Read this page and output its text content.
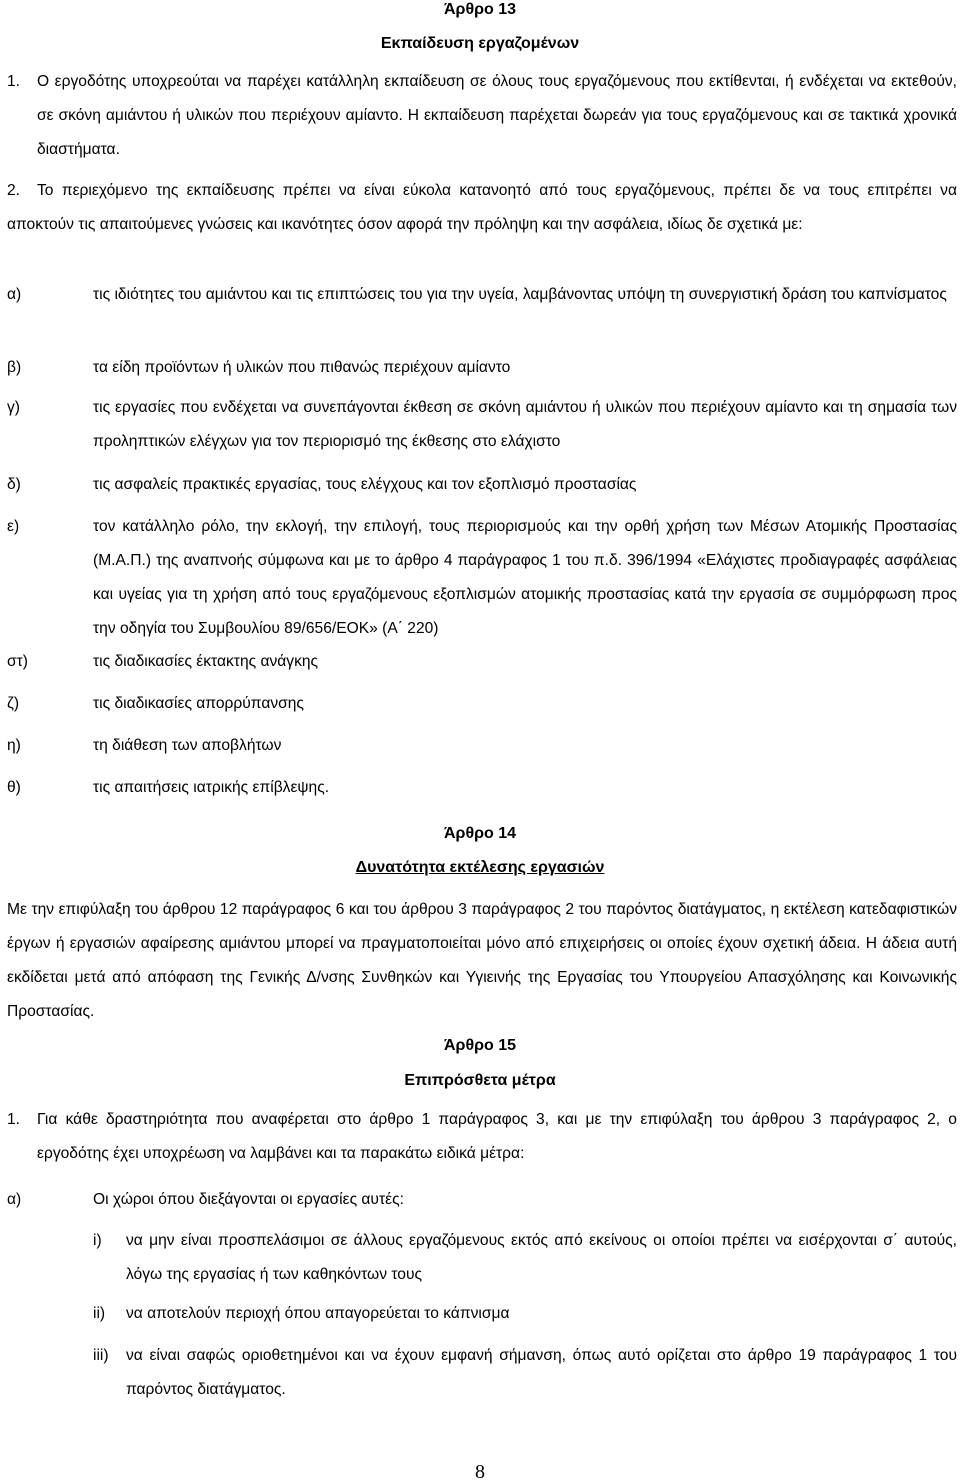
Άρθρο 13
Εκπαίδευση εργαζομένων
1. Ο εργοδότης υποχρεούται να παρέχει κατάλληλη εκπαίδευση σε όλους τους εργαζόμενους που εκτίθενται, ή ενδέχεται να εκτεθούν, σε σκόνη αμιάντου ή υλικών που περιέχουν αμίαντο. Η εκπαίδευση παρέχεται δωρεάν για τους εργαζόμενους και σε τακτικά χρονικά διαστήματα.
2.	Το περιεχόμενο της εκπαίδευσης πρέπει να είναι εύκολα κατανοητό από τους εργαζόμενους, πρέπει δε να τους επιτρέπει να αποκτούν τις απαιτούμενες γνώσεις και ικανότητες όσον αφορά την πρόληψη και την ασφάλεια, ιδίως δε σχετικά με:
α)	τις ιδιότητες του αμιάντου και τις επιπτώσεις του για την υγεία, λαμβάνοντας υπόψη τη συνεργιστική δράση του καπνίσματος
β)	τα είδη προϊόντων ή υλικών που πιθανώς περιέχουν αμίαντο
γ)	τις εργασίες που ενδέχεται να συνεπάγονται έκθεση σε σκόνη αμιάντου ή υλικών που περιέχουν αμίαντο και τη σημασία των προληπτικών ελέγχων για τον περιορισμό της έκθεσης στο ελάχιστο
δ)	τις ασφαλείς πρακτικές εργασίας, τους ελέγχους και τον εξοπλισμό προστασίας
ε)	τον κατάλληλο ρόλο, την εκλογή, την επιλογή, τους περιορισμούς και την ορθή χρήση των Μέσων Ατομικής Προστασίας (Μ.Α.Π.) της αναπνοής σύμφωνα και με το άρθρο 4 παράγραφος 1 του π.δ. 396/1994 «Ελάχιστες προδιαγραφές ασφάλειας και υγείας για τη χρήση από τους εργαζόμενους εξοπλισμών ατομικής προστασίας κατά την εργασία σε συμμόρφωση προς την οδηγία του Συμβουλίου 89/656/ΕΟΚ» (Α΄ 220)
στ)	τις διαδικασίες έκτακτης ανάγκης
ζ)	τις διαδικασίες απορρύπανσης
η)	τη διάθεση των αποβλήτων
θ)	τις απαιτήσεις ιατρικής επίβλεψης.
Άρθρο 14
Δυνατότητα εκτέλεσης εργασιών
Με την επιφύλαξη του άρθρου 12 παράγραφος 6 και του άρθρου 3 παράγραφος 2 του παρόντος διατάγματος, η εκτέλεση κατεδαφιστικών έργων ή εργασιών αφαίρεσης αμιάντου μπορεί να πραγματοποιείται μόνο από επιχειρήσεις οι οποίες έχουν σχετική άδεια. Η άδεια αυτή εκδίδεται μετά από απόφαση της Γενικής Δ/νσης Συνθηκών και Υγιεινής της Εργασίας του Υπουργείου Απασχόλησης και Κοινωνικής Προστασίας.
Άρθρο 15
Επιπρόσθετα μέτρα
1. Για κάθε δραστηριότητα που αναφέρεται στο άρθρο 1 παράγραφος 3, και με την επιφύλαξη του άρθρου 3 παράγραφος 2, ο εργοδότης έχει υποχρέωση να λαμβάνει και τα παρακάτω ειδικά μέτρα:
α)	Οι χώροι όπου διεξάγονται οι εργασίες αυτές:
i) να μην είναι προσπελάσιμοι σε άλλους εργαζόμενους εκτός από εκείνους οι οποίοι πρέπει να εισέρχονται σ΄ αυτούς, λόγω της εργασίας ή των καθηκόντων τους
ii) να αποτελούν περιοχή όπου απαγορεύεται το κάπνισμα
iii) να είναι σαφώς οριοθετημένοι και να έχουν εμφανή σήμανση, όπως αυτό ορίζεται στο άρθρο 19 παράγραφος 1 του παρόντος διατάγματος.
8
